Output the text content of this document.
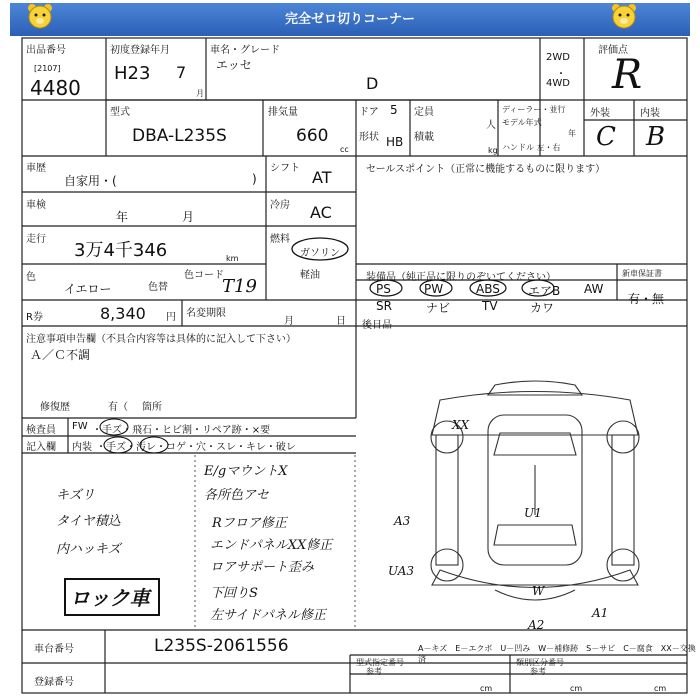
完全ゼロ切りコーナー
出品番号
[2107]
4480
初度登録年月
H23 7
月
車名・グレード
エッセ
D
2WD
・
4WD
評価点
R
型式
DBA-L235S
排気量
660
cc
ドア 5
形状 HB
定員
人
積載
kg
ディーラー・並行
モデル年式
年
ハンドル 左・右
外装	内装
C B
車歴
自家用・(	)
シフト AT	セールスポイント（正常に機能するものに限ります）
車検
年	月
冷房 AC
走行
3万4千346	km
燃料
ガソリン
軽油
色
イエロー	色替
色コード
T19	装備品（純正品に限りのぞいてください）	新車保証書
PS	PW	ABS エアB AW
SR	ナビ	TV	カワ
有・無
R券	8,340 円 名変期限
月	日 後日品
注意事項申告欄（不具合内容等は具体的に記入して下さい）
Ａ／Ｃ不調
修復歴	有（ 箇所
検査員
記入欄
FW ・手ズ・飛石・ヒビ割・リペア跡・×要
内装 ・手ズ・汚レ・コゲ・穴・スレ・キレ・破レ
キズリ
タイヤ積込
内ハッキズ
E/gマウントX
各所色アセ
Rフロア修正
エンドパネルXX修正
ロアサポート歪み
下回りS
左サイドパネル修正
ロック車
XX
A3
U1
UA3
W
A2
A1
車台番号	L235S-2061556	A－キズ　E－エクボ　U－凹み　W－補修跡　S－サビ　C－腐食　XX－交換済
登録番号
型式指定番号
参考
類別区分番号
参考
cm	cm	cm
